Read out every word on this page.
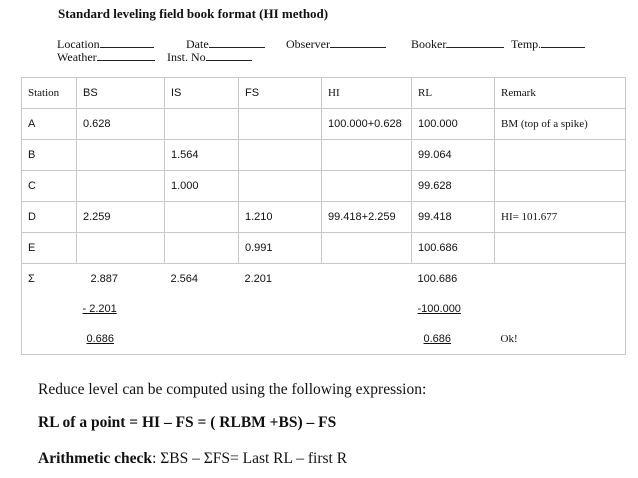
Standard leveling field book format (HI method)
Location
Weather
Date
Inst. No
Observer	Booker	Temp.
Station	BS	IS	FS	HI	RL	Remark
A	0.628			100.000+0.628	100.000	BM (top of a spike)
B		1.564			99.064	
C		1.000			99.628	
D	2.259		1.210	99.418+2.259	99.418	HI= 101.677
E			0.991		100.686	
Σ	2.887	2.564	2.201		100.686	
	- 2.201				-100.000	
	0.686				0.686	Ok!
Reduce level can be computed using the following expression:
RL of a point = HI – FS = ( RLBM +BS) – FS
Arithmetic check: ΣBS – ΣFS= Last RL – first R
